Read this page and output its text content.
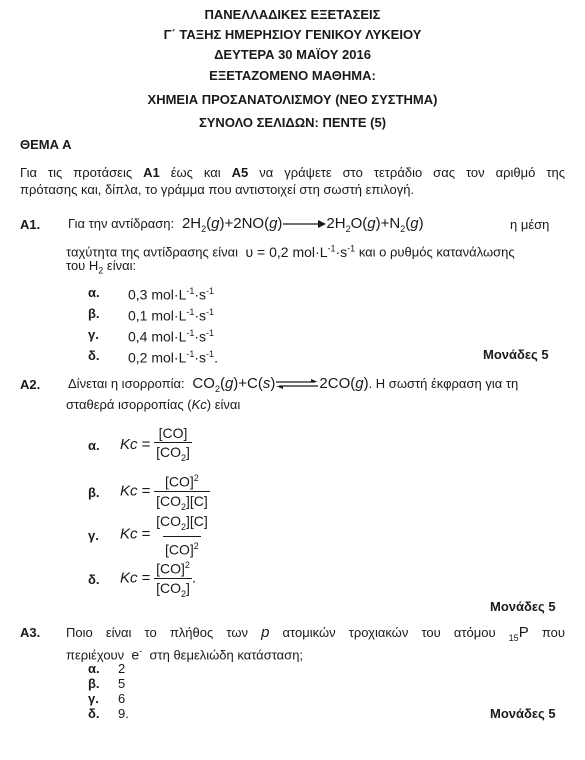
ΠΑΝΕΛΛΑΔΙΚΕΣ ΕΞΕΤΑΣΕΙΣ
Γ΄ ΤΑΞΗΣ ΗΜΕΡΗΣΙΟΥ ΓΕΝΙΚΟΥ ΛΥΚΕΙΟΥ
ΔΕΥΤΕΡΑ 30 ΜΑΪΟΥ 2016
ΕΞΕΤΑΖΟΜΕΝΟ ΜΑΘΗΜΑ:
ΧΗΜΕΙΑ ΠΡΟΣΑΝΑΤΟΛΙΣΜΟΥ (ΝΕΟ ΣΥΣΤΗΜΑ)
ΣΥΝΟΛΟ ΣΕΛΙΔΩΝ: ΠΕΝΤΕ (5)
ΘΕΜΑ Α
Για τις προτάσεις Α1 έως και Α5 να γράψετε στο τετράδιο σας τον αριθμό της
πρότασης και, δίπλα, το γράμμα που αντιστοιχεί στη σωστή επιλογή.
Α1. Για την αντίδραση:  $2H_2(g)+2NO(g)\to 2H_2O(g)+N_2(g)$	η μέση
ταχύτητα της αντίδρασης είναι υ = 0,2 $mol\cdot L^{-1}\cdot s^{-1}$ και ο ρυθμός κατανάλωσης
του $H_2$ είναι:
α. 0,3 $mol\cdot L^{-1}\cdot s^{-1}$
β. 0,1 $mol\cdot L^{-1}\cdot s^{-1}$
γ. 0,4 $mol\cdot L^{-1}\cdot s^{-1}$
δ. 0,2 $mol\cdot L^{-1}\cdot s^{-1}$.	Μονάδες 5
Α2. Δίνεται η ισορροπία:  $CO_2(g)+C(s)\rightleftharpoons 2CO(g)$. Η σωστή έκφραση για τη
σταθερά ισορροπίας (Kc) είναι
α. $Kc = \frac{[CO]}{[CO_2]}$
β. $Kc = \frac{[CO]^2}{[CO_2][C]}$
γ. $Kc = \frac{[CO_2][C]}{[CO]^2}$
δ. $Kc = \frac{[CO]^2}{[CO_2]}$ .
Μονάδες 5
Α3. Ποιο είναι το πλήθος των p ατομικών τροχιακών του ατόμου $_{15}$P που
περιέχουν e- στη θεμελιώδη κατάσταση;
α. 2
β. 5
γ. 6
δ. 9.	Μονάδες 5
